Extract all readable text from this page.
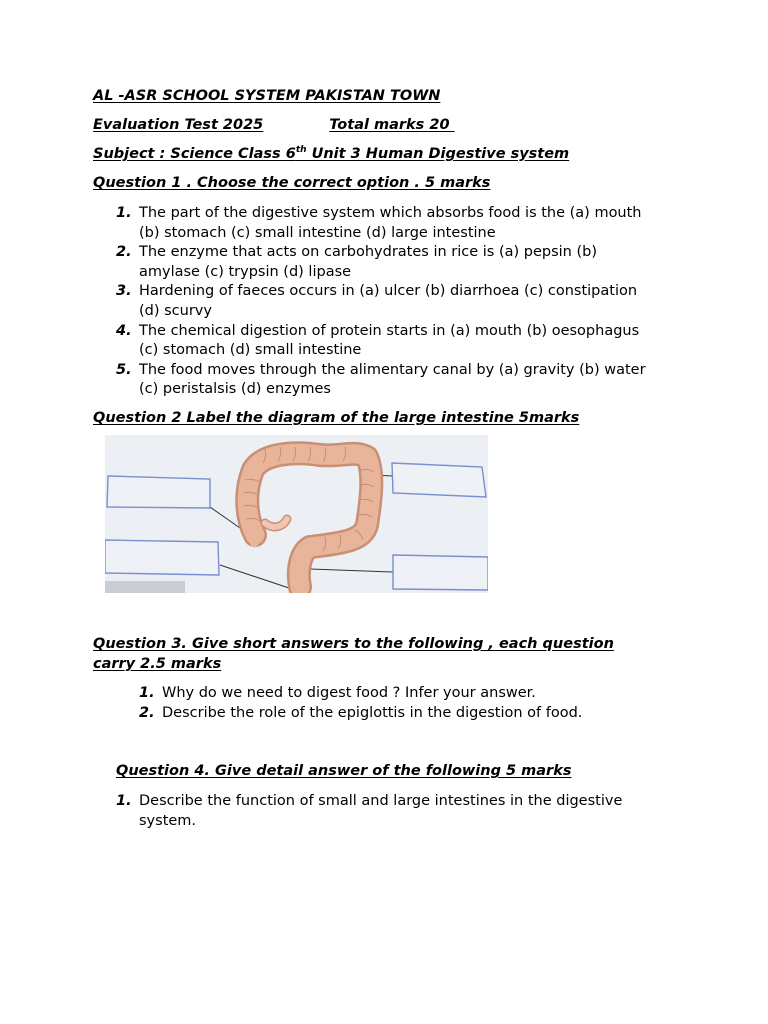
AL -ASR SCHOOL SYSTEM PAKISTAN TOWN
Evaluation Test 2025	Total marks 20
Subject : Science Class 6th Unit 3 Human Digestive system
Question 1 . Choose the correct option . 5 marks
1. The part of the digestive system which absorbs food is the (a) mouth (b) stomach (c) small intestine (d) large intestine
2. The enzyme that acts on carbohydrates in rice is (a) pepsin (b) amylase (c) trypsin (d) lipase
3. Hardening of faeces occurs in (a) ulcer (b) diarrhoea (c) constipation (d) scurvy
4. The chemical digestion of protein starts in (a) mouth (b) oesophagus (c) stomach (d) small intestine
5. The food moves through the alimentary canal by (a) gravity (b) water (c) peristalsis (d) enzymes
Question 2 Label the diagram of the large intestine 5marks
Question 3. Give short answers to the following , each question
carry 2.5 marks
1. Why do we need to digest food ? Infer your answer.
2. Describe the role of the epiglottis in the digestion of food.
Question 4. Give detail answer of the following 5 marks
1. Describe the function of small and large intestines in the digestive system.
